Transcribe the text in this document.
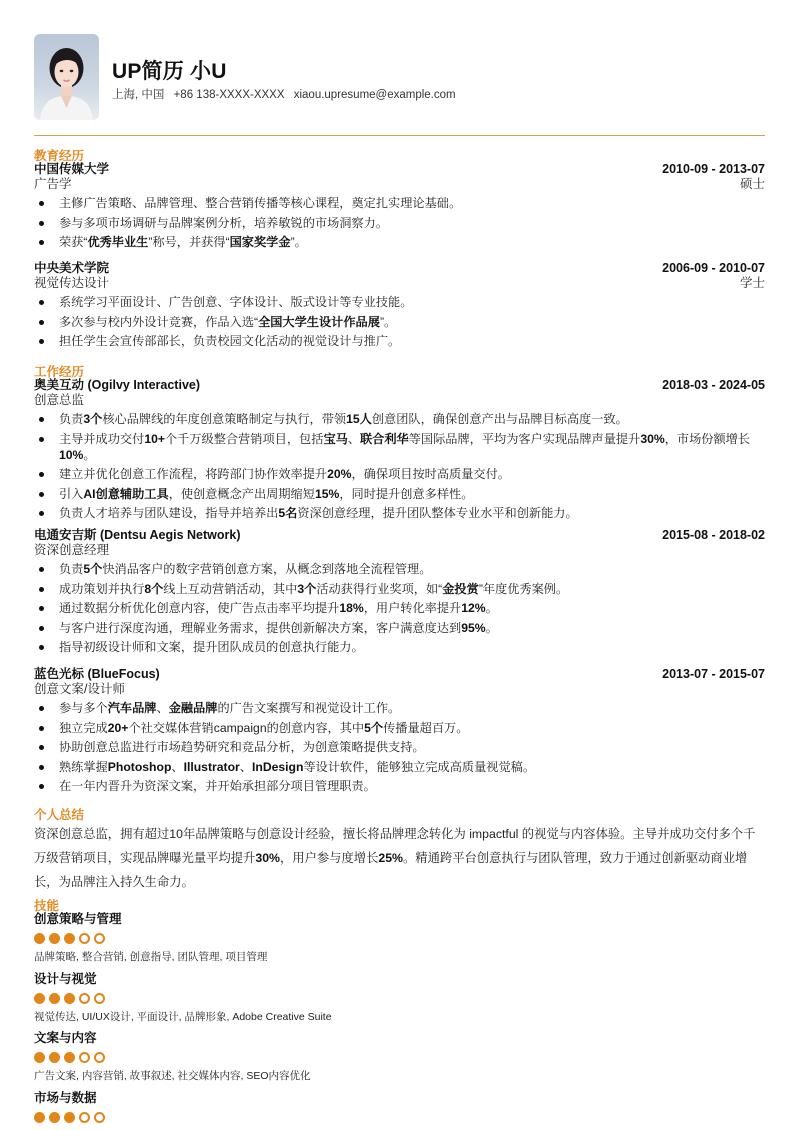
UP简历 小U
上海, 中国 +86 138-XXXX-XXXX xiaou.upresume@example.com
教育经历
中国传媒大学	2010-09 - 2013-07
广告学	硕士
主修广告策略、品牌管理、整合营销传播等核心课程，奠定扎实理论基础。
参与多项市场调研与品牌案例分析，培养敏锐的市场洞察力。
荣获“优秀毕业生”称号，并获得“国家奖学金”。
中央美术学院	2006-09 - 2010-07
视觉传达设计	学士
系统学习平面设计、广告创意、字体设计、版式设计等专业技能。
多次参与校内外设计竞赛，作品入选“全国大学生设计作品展”。
担任学生会宣传部部长，负责校园文化活动的视觉设计与推广。
工作经历
奥美互动 (Ogilvy Interactive)	2018-03 - 2024-05
创意总监
负责3个核心品牌线的年度创意策略制定与执行，带领15人创意团队，确保创意产出与品牌目标高度一致。
主导并成功交付10+个千万级整合营销项目，包括宝马、联合利华等国际品牌，平均为客户实现品牌声量提升30%，市场份额增长10%。
建立并优化创意工作流程，将跨部门协作效率提升20%，确保项目按时高质量交付。
引入AI创意辅助工具，使创意概念产出周期缩短15%，同时提升创意多样性。
负责人才培养与团队建设，指导并培养出5名资深创意经理，提升团队整体专业水平和创新能力。
电通安吉斯 (Dentsu Aegis Network)	2015-08 - 2018-02
资深创意经理
负责5个快消品客户的数字营销创意方案，从概念到落地全流程管理。
成功策划并执行8个线上互动营销活动，其中3个活动获得行业奖项，如“金投赏”年度优秀案例。
通过数据分析优化创意内容，使广告点击率平均提升18%，用户转化率提升12%。
与客户进行深度沟通，理解业务需求，提供创新解决方案，客户满意度达到95%。
指导初级设计师和文案，提升团队成员的创意执行能力。
蓝色光标 (BlueFocus)	2013-07 - 2015-07
创意文案/设计师
参与多个汽车品牌、金融品牌的广告文案撰写和视觉设计工作。
独立完成20+个社交媒体营销campaign的创意内容，其中5个传播量超百万。
协助创意总监进行市场趋势研究和竞品分析，为创意策略提供支持。
熟练掌握Photoshop、Illustrator、InDesign等设计软件，能够独立完成高质量视觉稿。
在一年内晋升为资深文案，并开始承担部分项目管理职责。
个人总结
资深创意总监，拥有超过10年品牌策略与创意设计经验，擅长将品牌理念转化为 impactful 的视觉与内容体验。主导并成功交付多个千万级营销项目，实现品牌曝光量平均提升30%，用户参与度增长25%。精通跨平台创意执行与团队管理，致力于通过创新驱动商业增长，为品牌注入持久生命力。
技能
创意策略与管理
品牌策略, 整合营销, 创意指导, 团队管理, 项目管理
设计与视觉
视觉传达, UI/UX设计, 平面设计, 品牌形象, Adobe Creative Suite
文案与内容
广告文案, 内容营销, 故事叙述, 社交媒体内容, SEO内容优化
市场与数据
